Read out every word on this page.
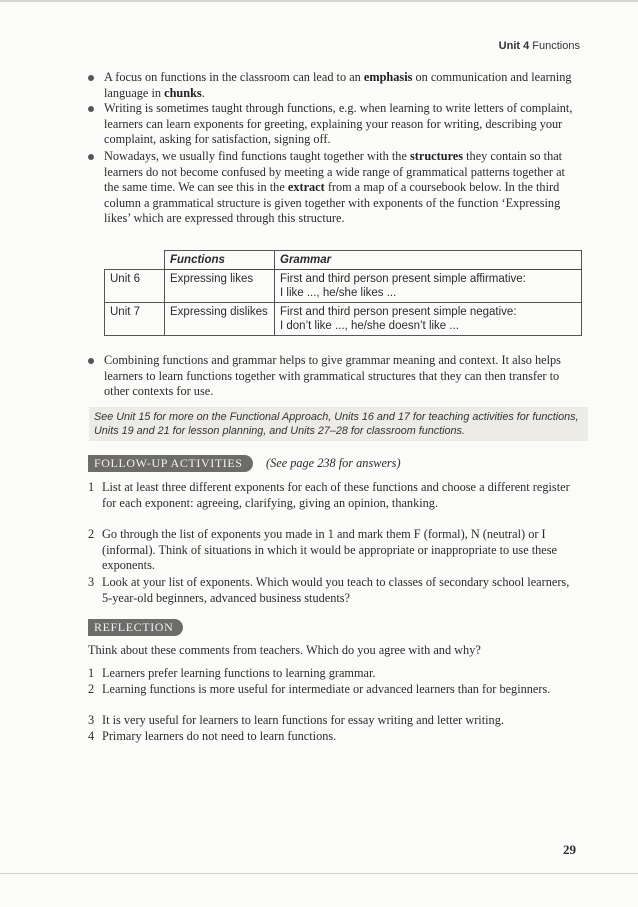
Unit 4 Functions
A focus on functions in the classroom can lead to an emphasis on communication and learning language in chunks.
Writing is sometimes taught through functions, e.g. when learning to write letters of complaint, learners can learn exponents for greeting, explaining your reason for writing, describing your complaint, asking for satisfaction, signing off.
Nowadays, we usually find functions taught together with the structures they contain so that learners do not become confused by meeting a wide range of grammatical patterns together at the same time. We can see this in the extract from a map of a coursebook below. In the third column a grammatical structure is given together with exponents of the function ‘Expressing likes’ which are expressed through this structure.
	Functions	Grammar
Unit 6	Expressing likes	First and third person present simple affirmative:
I like ..., he/she likes ...

Unit 7	Expressing dislikes	First and third person present simple negative:
I don’t like ..., he/she doesn’t like ...
Combining functions and grammar helps to give grammar meaning and context. It also helps learners to learn functions together with grammatical structures that they can then transfer to other contexts for use.
See Unit 15 for more on the Functional Approach, Units 16 and 17 for teaching activities for functions, Units 19 and 21 for lesson planning, and Units 27–28 for classroom functions.
FOLLOW-UP ACTIVITIES	(See page 238 for answers)
1 List at least three different exponents for each of these functions and choose a different register for each exponent: agreeing, clarifying, giving an opinion, thanking.
2 Go through the list of exponents you made in 1 and mark them F (formal), N (neutral) or I (informal). Think of situations in which it would be appropriate or inappropriate to use these exponents.
3 Look at your list of exponents. Which would you teach to classes of secondary school learners, 5-year-old beginners, advanced business students?
REFLECTION
Think about these comments from teachers. Which do you agree with and why?
1 Learners prefer learning functions to learning grammar.
2 Learning functions is more useful for intermediate or advanced learners than for beginners.
3 It is very useful for learners to learn functions for essay writing and letter writing.
4 Primary learners do not need to learn functions.
29
